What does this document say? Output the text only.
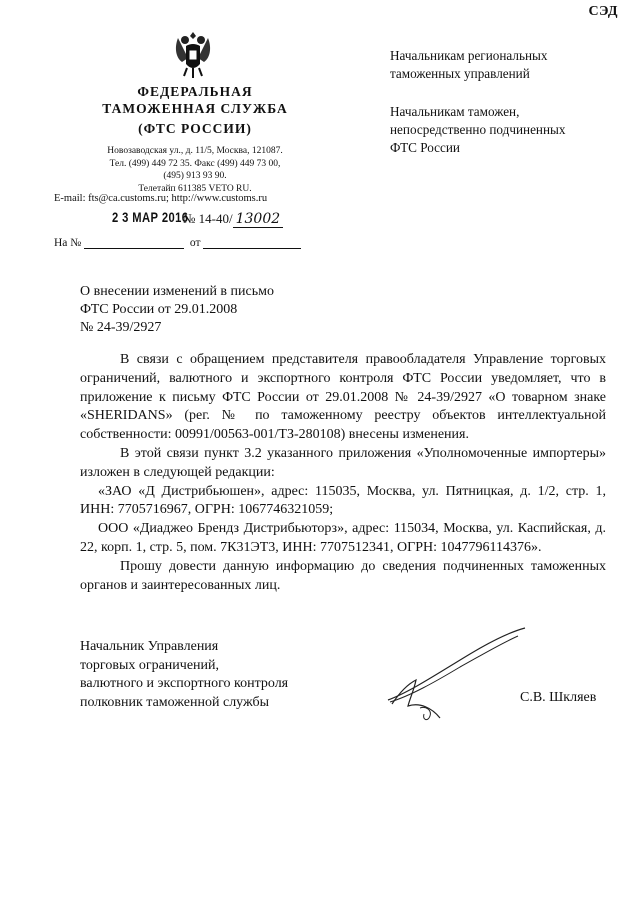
СЭД
ФЕДЕРАЛЬНАЯ
ТАМОЖЕННАЯ СЛУЖБА
(ФТС РОССИИ)
Новозаводская ул., д. 11/5, Москва, 121087.
Тел. (499) 449 72 35. Факс (499) 449 73 00,
(495) 913 93 90.
Телетайп 611385 VETO RU.
E-mail: fts@ca.customs.ru; http://www.customs.ru
2 3 МАР 2016
№ 14-40/ 13002
На №	от
Начальникам региональных
таможенных управлений
Начальникам таможен,
непосредственно подчиненных
ФТС России
О внесении изменений в письмо
ФТС России от 29.01.2008
№ 24-39/2927

В связи с обращением представителя правообладателя Управление торговых ограничений, валютного и экспортного контроля ФТС России уведомляет, что в приложение к письму ФТС России от 29.01.2008 № 24-39/2927 «О товарном знаке «SHERIDANS» (рег. № по таможенному реестру объектов интеллектуальной собственности: 00991/00563-001/ТЗ-280108) внесены изменения.

В этой связи пункт 3.2 указанного приложения «Уполномоченные импортеры» изложен в следующей редакции:

«ЗАО «Д Дистрибьюшен», адрес: 115035, Москва, ул. Пятницкая, д. 1/2, стр. 1, ИНН: 7705716967, ОГРН: 1067746321059;

ООО «Диаджео Брендз Дистрибьюторз», адрес: 115034, Москва, ул. Каспийская, д. 22, корп. 1, стр. 5, пом. 7К31ЭТ3, ИНН: 7707512341, ОГРН: 1047796114376».

Прошу довести данную информацию до сведения подчиненных таможенных органов и заинтересованных лиц.

Начальник Управления
торговых ограничений,
валютного и экспортного контроля
полковник таможенной службы	С.В. Шкляев
